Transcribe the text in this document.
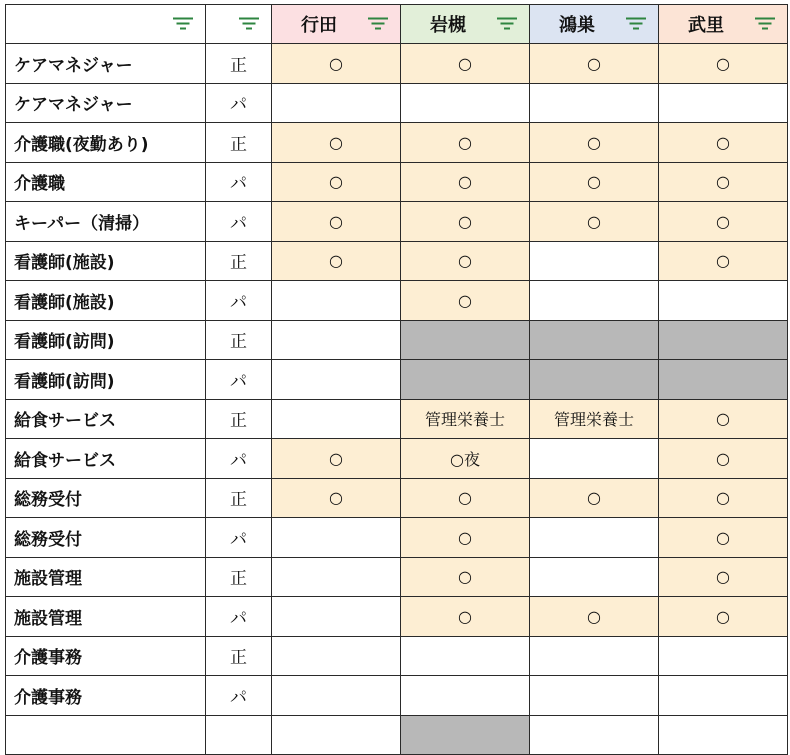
		行田	岩槻	鴻巣	武里

ケアマネジャー	正	○	○	○	○
ケアマネジャー	パ				
介護職(夜勤あり)	正	○	○	○	○
介護職	パ	○	○	○	○
キーパー（清掃）	パ	○	○	○	○
看護師(施設)	正	○	○		○
看護師(施設)	パ		○		
看護師(訪問)	正				
看護師(訪問)	パ				
給食サービス	正		管理栄養士	管理栄養士	○
給食サービス	パ	○	○夜		○
総務受付	正	○	○	○	○
総務受付	パ		○		○
施設管理	正		○		○
施設管理	パ		○	○	○
介護事務	正				
介護事務	パ				
